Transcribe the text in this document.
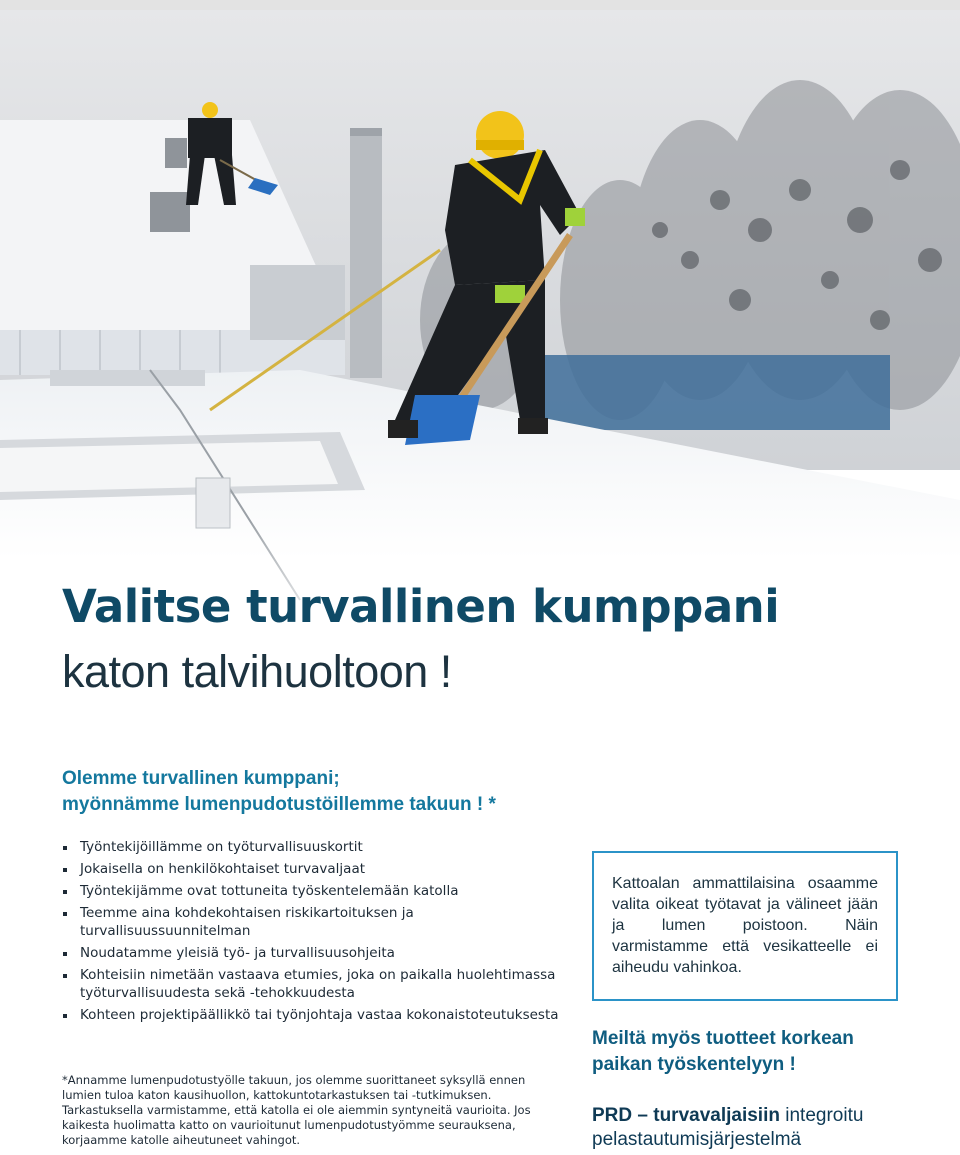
Valitse turvallinen kumppani
katon talvihuoltoon !
Olemme turvallinen kumppani;
myönnämme lumenpudotustöillemme takuun ! *
Työntekijöillämme on työturvallisuuskortit
Jokaisella on henkilökohtaiset turvavaljaat
Työntekijämme ovat tottuneita työskentelemään katolla
Teemme aina kohdekohtaisen riskikartoituksen ja turvallisuussuunnitelman
Noudatamme yleisiä työ- ja turvallisuusohjeita
Kohteisiin nimetään vastaava etumies, joka on paikalla huolehtimassa työturvallisuudesta sekä -tehokkuudesta
Kohteen projektipäällikkö tai työnjohtaja vastaa kokonaistoteutuksesta
*Annamme lumenpudotustyölle takuun, jos olemme suorittaneet syksyllä ennen lumien tuloa katon kausihuollon, kattokuntotarkastuksen tai -tutkimuksen. Tarkastuksella varmistamme, että katolla ei ole aiemmin syntyneitä vaurioita. Jos kaikesta huolimatta katto on vaurioitunut lumenpudotustyömme seurauksena, korjaamme katolle aiheutuneet vahingot.
Kattoalan ammattilaisina osaamme valita oikeat työtavat ja välineet jään ja lumen poistoon. Näin varmistamme että vesikatteelle ei aiheudu vahinkoa.
Meiltä myös tuotteet korkean
paikan työskentelyyn !
PRD – turvavaljaisiin integroitu
pelastautumisjärjestelmä
